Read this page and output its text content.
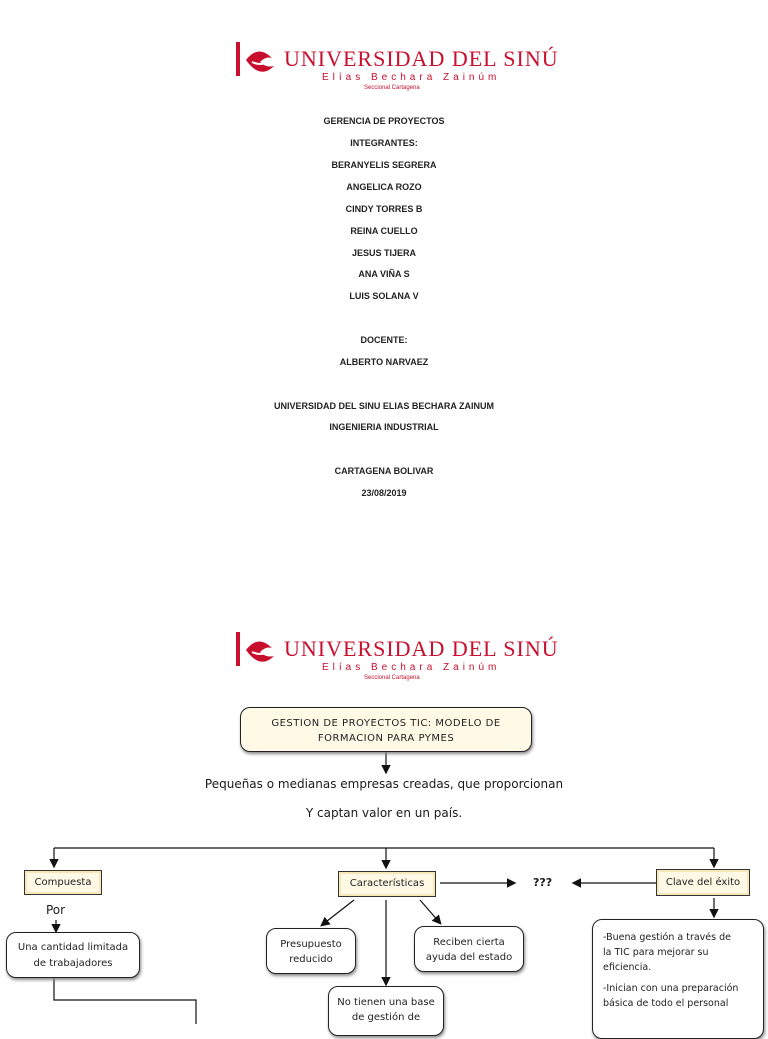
UNIVERSIDAD DEL SINÚ
Elías Bechara Zainúm
Seccional Cartagena
GERENCIA DE PROYECTOS
INTEGRANTES:
BERANYELIS SEGRERA
ANGELICA ROZO
CINDY TORRES B
REINA CUELLO
JESUS TIJERA
ANA VIÑA S
LUIS SOLANA V
DOCENTE:
ALBERTO NARVAEZ
UNIVERSIDAD DEL SINU ELIAS BECHARA ZAINUM
INGENIERIA INDUSTRIAL
CARTAGENA BOLIVAR
23/08/2019
UNIVERSIDAD DEL SINÚ
Elías Bechara Zainúm
Seccional Cartagena
GESTION DE PROYECTOS TIC: MODELO DE
FORMACION PARA PYMES
Pequeñas o medianas empresas creadas, que proporcionan
Y captan valor en un país.
Compuesta
Por
Una cantidad limitada
de trabajadores
Características	???	Clave del éxito
Presupuesto
reducido
Reciben cierta
ayuda del estado
No tienen una base
de gestión de
-Buena gestión a través de
la TIC para mejorar su
eficiencia.
-Inician con una preparación
básica de todo el personal
